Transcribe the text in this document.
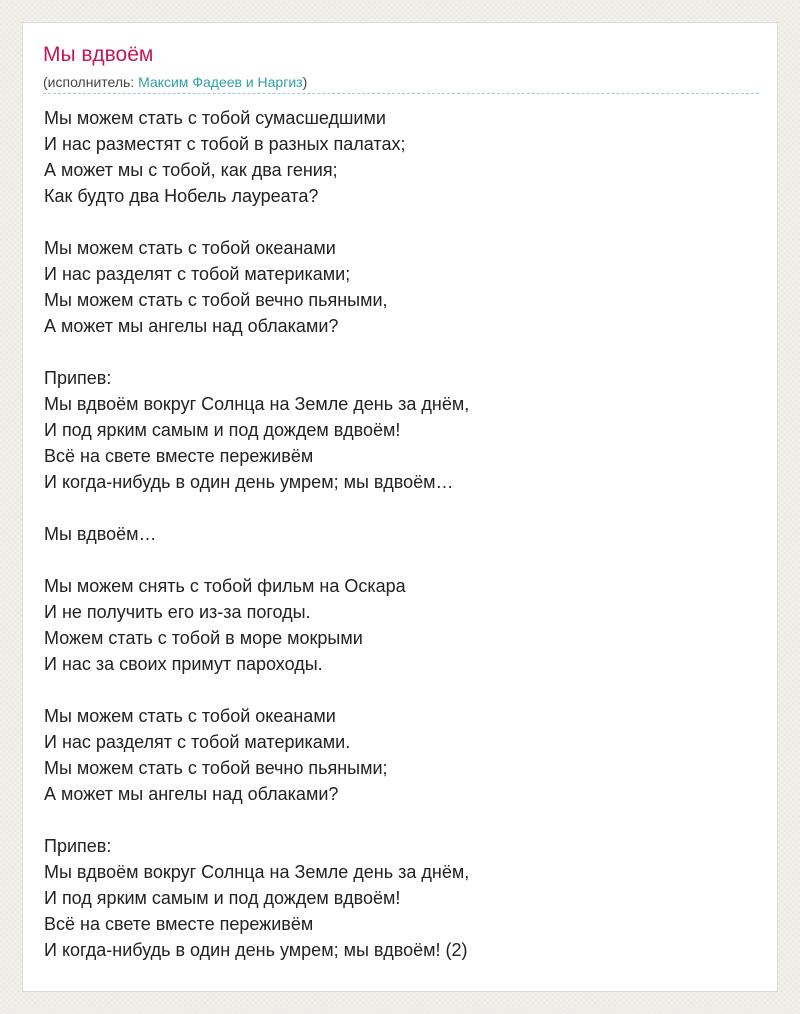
Мы вдвоём
(исполнитель: Максим Фадеев и Наргиз)
Мы можем стать с тобой сумасшедшими
И нас разместят с тобой в разных палатах;
А может мы с тобой, как два гения;
Как будто два Нобель лауреата?
Мы можем стать с тобой океанами
И нас разделят с тобой материками;
Мы можем стать с тобой вечно пьяными,
А может мы ангелы над облаками?
Припев:
Мы вдвоём вокруг Солнца на Земле день за днём,
И под ярким самым и под дождем вдвоём!
Всё на свете вместе переживём
И когда-нибудь в один день умрем; мы вдвоём…
Мы вдвоём…
Мы можем снять с тобой фильм на Оскара
И не получить его из-за погоды.
Можем стать с тобой в море мокрыми
И нас за своих примут пароходы.
Мы можем стать с тобой океанами
И нас разделят с тобой материками.
Мы можем стать с тобой вечно пьяными;
А может мы ангелы над облаками?
Припев:
Мы вдвоём вокруг Солнца на Земле день за днём,
И под ярким самым и под дождем вдвоём!
Всё на свете вместе переживём
И когда-нибудь в один день умрем; мы вдвоём! (2)
